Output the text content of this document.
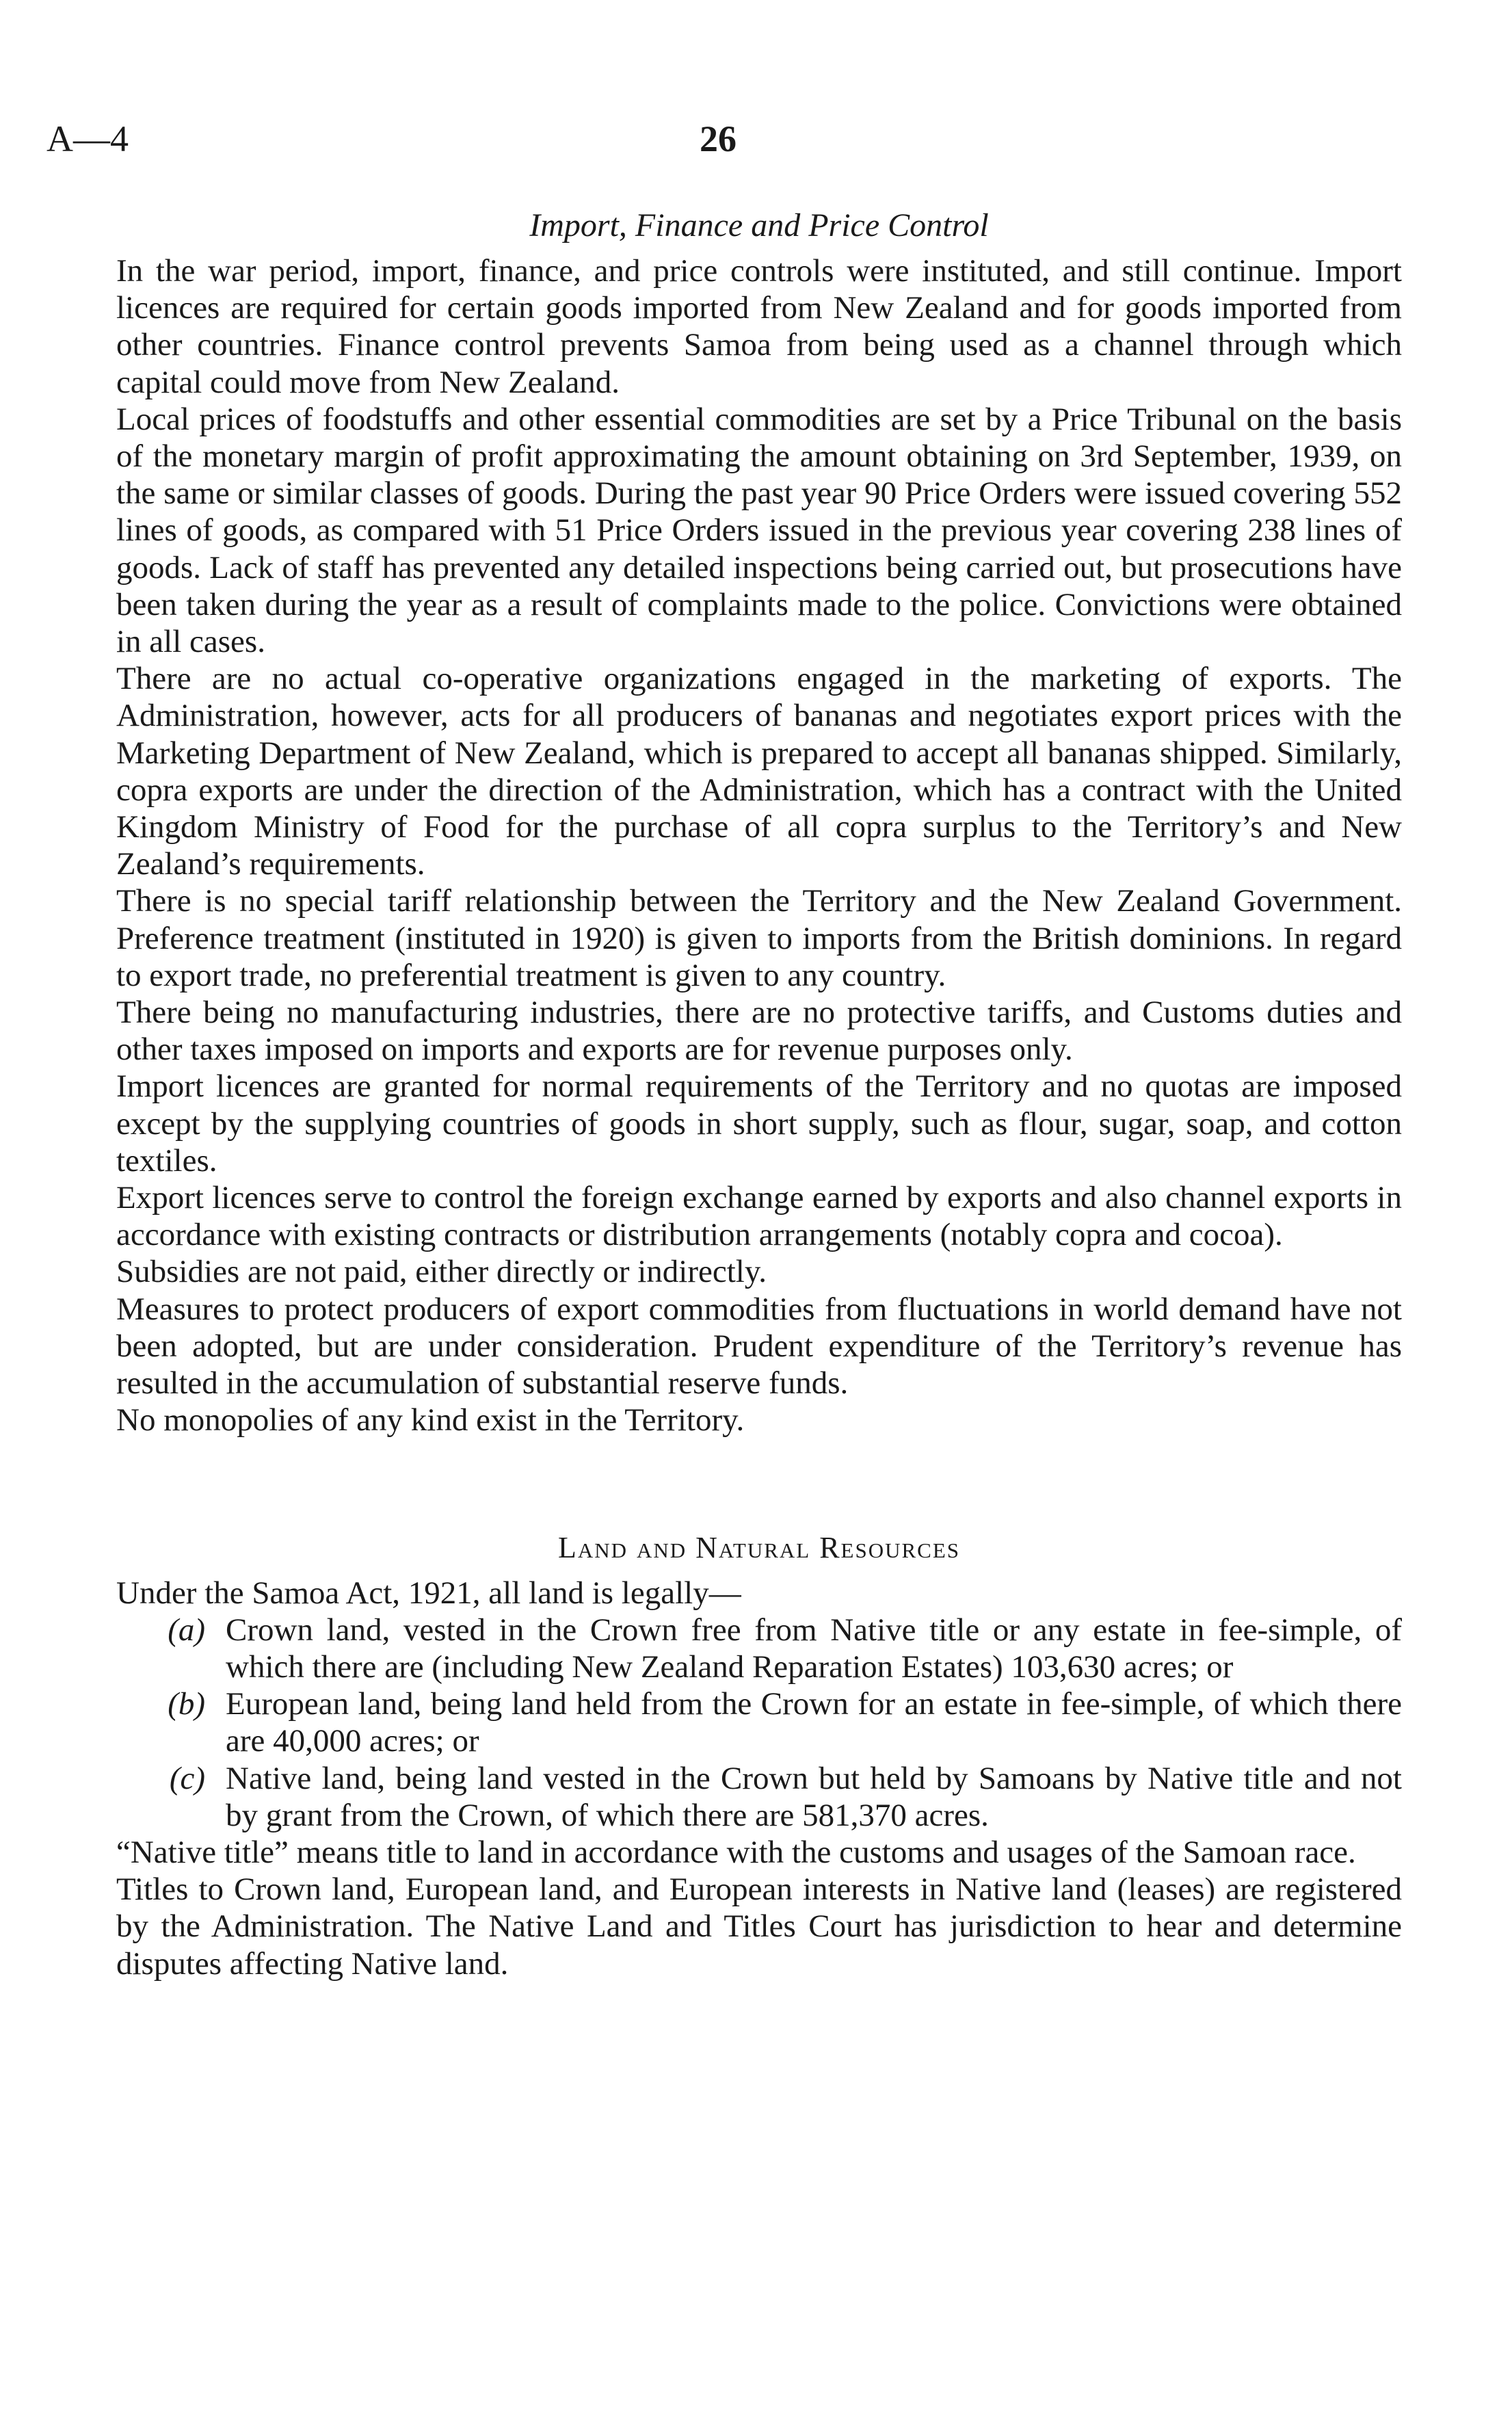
A—4	26
Import, Finance and Price Control

In the war period, import, finance, and price controls were instituted, and still continue. Import licences are required for certain goods imported from New Zealand and for goods imported from other countries. Finance control prevents Samoa from being used as a channel through which capital could move from New Zealand.

Local prices of foodstuffs and other essential commodities are set by a Price Tribunal on the basis of the monetary margin of profit approximating the amount obtaining on 3rd September, 1939, on the same or similar classes of goods. During the past year 90 Price Orders were issued covering 552 lines of goods, as compared with 51 Price Orders issued in the previous year covering 238 lines of goods. Lack of staff has prevented any detailed inspections being carried out, but prosecutions have been taken during the year as a result of complaints made to the police. Convictions were obtained in all cases.

There are no actual co-operative organizations engaged in the marketing of exports. The Administration, however, acts for all producers of bananas and negotiates export prices with the Marketing Department of New Zealand, which is prepared to accept all bananas shipped. Similarly, copra exports are under the direction of the Administration, which has a contract with the United Kingdom Ministry of Food for the purchase of all copra surplus to the Territory’s and New Zealand’s requirements.

There is no special tariff relationship between the Territory and the New Zealand Government. Preference treatment (instituted in 1920) is given to imports from the British dominions. In regard to export trade, no preferential treatment is given to any country.

There being no manufacturing industries, there are no protective tariffs, and Customs duties and other taxes imposed on imports and exports are for revenue purposes only.

Import licences are granted for normal requirements of the Territory and no quotas are imposed except by the supplying countries of goods in short supply, such as flour, sugar, soap, and cotton textiles.

Export licences serve to control the foreign exchange earned by exports and also channel exports in accordance with existing contracts or distribution arrangements (notably copra and cocoa).

Subsidies are not paid, either directly or indirectly.

Measures to protect producers of export commodities from fluctuations in world demand have not been adopted, but are under consideration. Prudent expenditure of the Territory’s revenue has resulted in the accumulation of substantial reserve funds.

No monopolies of any kind exist in the Territory.

Land and Natural Resources

Under the Samoa Act, 1921, all land is legally—

(a) Crown land, vested in the Crown free from Native title or any estate in fee-simple, of which there are (including New Zealand Reparation Estates) 103,630 acres; or
(b) European land, being land held from the Crown for an estate in fee-simple, of which there are 40,000 acres; or
(c) Native land, being land vested in the Crown but held by Samoans by Native title and not by grant from the Crown, of which there are 581,370 acres.

“Native title” means title to land in accordance with the customs and usages of the Samoan race.

Titles to Crown land, European land, and European interests in Native land (leases) are registered by the Administration. The Native Land and Titles Court has jurisdiction to hear and determine disputes affecting Native land.
